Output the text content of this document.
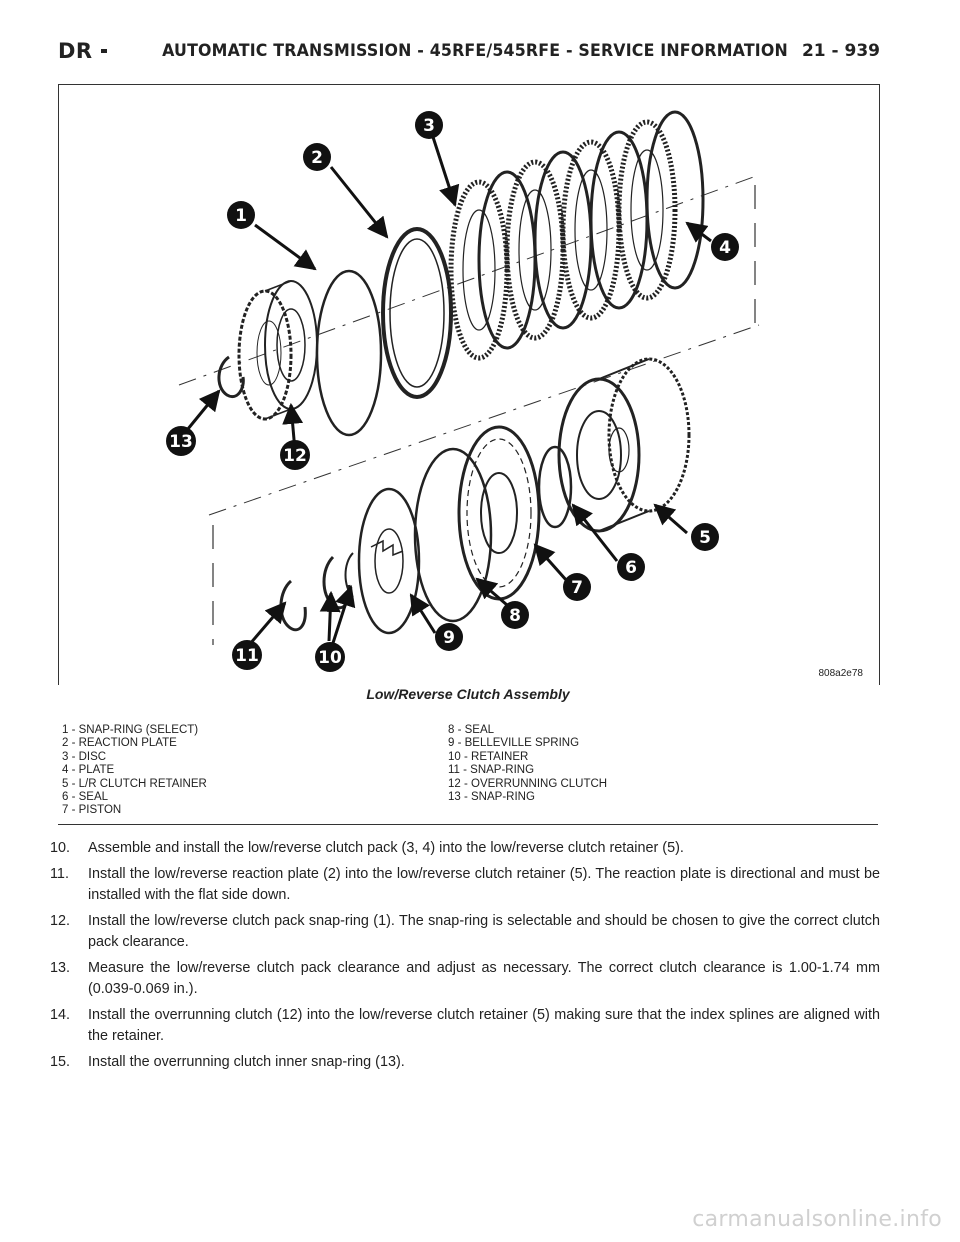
DR	AUTOMATIC TRANSMISSION - 45RFE/545RFE - SERVICE INFORMATION 21 - 939
1
2
3
4
5
6
7
8
9
10
11
12
13
808a2e78
Low/Reverse Clutch Assembly
1 - SNAP-RING (SELECT)
2 - REACTION PLATE
3 - DISC
4 - PLATE
5 - L/R CLUTCH RETAINER
6 - SEAL
7 - PISTON
8 - SEAL
9 - BELLEVILLE SPRING
10 - RETAINER
11 - SNAP-RING
12 - OVERRUNNING CLUTCH
13 - SNAP-RING
10. Assemble and install the low/reverse clutch pack (3, 4) into the low/reverse clutch retainer (5).
11. Install the low/reverse reaction plate (2) into the low/reverse clutch retainer (5). The reaction plate is directional and must be installed with the flat side down.
12. Install the low/reverse clutch pack snap-ring (1). The snap-ring is selectable and should be chosen to give the correct clutch pack clearance.
13. Measure the low/reverse clutch pack clearance and adjust as necessary. The correct clutch clearance is 1.00-1.74 mm (0.039-0.069 in.).
14. Install the overrunning clutch (12) into the low/reverse clutch retainer (5) making sure that the index splines are aligned with the retainer.
15. Install the overrunning clutch inner snap-ring (13).
carmanualsonline.info
